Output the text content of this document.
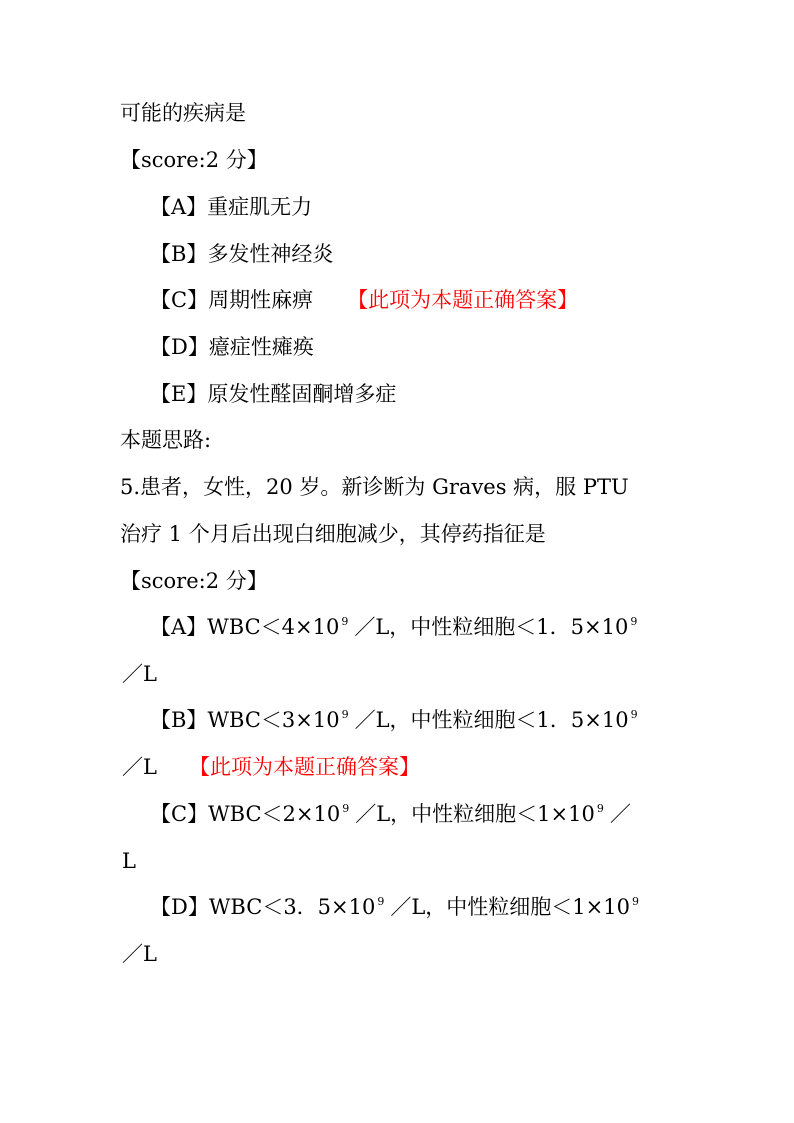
可能的疾病是
【score:2 分】
【A】重症肌无力
【B】多发性神经炎
【C】周期性麻痹 【此项为本题正确答案】
【D】癔症性瘫痪
【E】原发性醛固酮增多症
本题思路:
5.患者，女性，20 岁。新诊断为 Graves 病，服 PTU
治疗 1 个月后出现白细胞减少，其停药指征是
【score:2 分】
【A】WBC＜4×10 $^9$ ／L，中性粒细胞＜1．5×10 $^9$
／L
【B】WBC＜3×10 $^9$ ／L，中性粒细胞＜1．5×10 $^9$
／L 【此项为本题正确答案】
【C】WBC＜2×10 $^9$ ／L，中性粒细胞＜1×10 $^9$ ／
L
【D】WBC＜3．5×10 $^9$ ／L，中性粒细胞＜1×10 $^9$
／L
